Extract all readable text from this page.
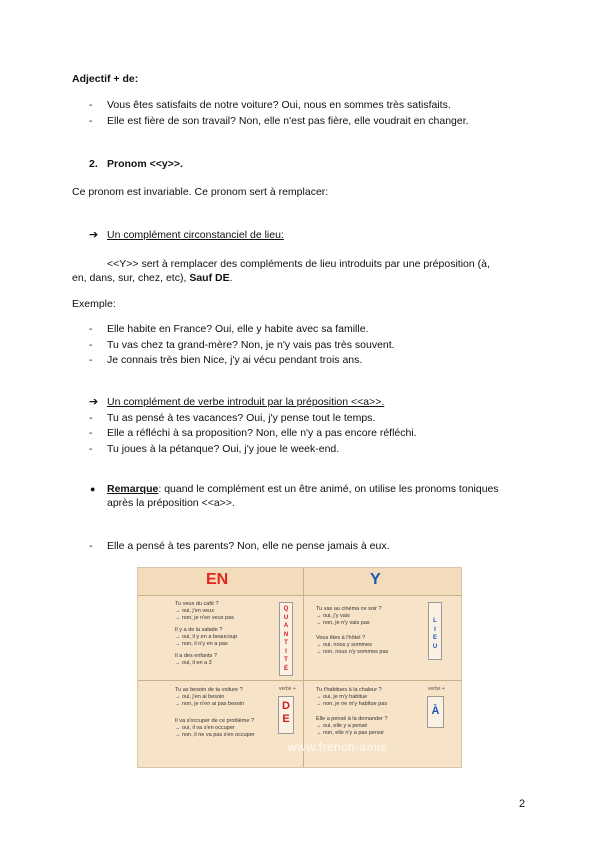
Adjectif + de:
- Vous êtes satisfaits de notre voiture? Oui, nous en sommes très satisfaits.
- Elle est fière de son travail? Non, elle n'est pas fière, elle voudrait en changer.
2. Pronom <<y>>.
Ce pronom est invariable. Ce pronom sert à remplacer:
➔ Un complément circonstanciel de lieu:
<<Y>> sert à remplacer des compléments de lieu introduits par une préposition (à,
en, dans, sur, chez, etc), Sauf DE.
Exemple:
- Elle habite en France? Oui, elle y habite avec sa famille.
- Tu vas chez ta grand-mère? Non, je n'y vais pas très souvent.
- Je connais très bien Nice, j'y ai vécu pendant trois ans.
➔ Un complément de verbe introduit par la préposition <<a>>.
- Tu as pensé à tes vacances? Oui, j'y pense tout le temps.
- Elle a réfléchi à sa proposition? Non, elle n'y a pas encore réfléchi.
- Tu joues à la pétanque? Oui, j'y joue le week-end.
● Remarque: quand le complément est un être animé, on utilise les pronoms toniques
après la préposition <<a>>.
- Elle a pensé à tes parents? Non, elle ne pense jamais à eux.
EN	Y
Tu veux du café ?
→ oui, j'en veux
→ non, je n'en veux pas
Il y a de la salade ?
→ oui, il y en a beaucoup
→ non, il n'y en a pas
Il a des enfants ?
→ oui, il en a 3
Q
U
A
N
T
I
T
É
Tu vas au cinéma ce soir ?
→ oui, j'y vais
→ non, je n'y vais pas
Vous êtes à l'hôtel ?
→ oui, nous y sommes
→ non, nous n'y sommes pas
L
I
E
U
Tu as besoin de ta voiture ?
→ oui, j'en ai besoin
→ non, je n'en ai pas besoin
Il va s'occuper de ce problème ?
→ oui, il va s'en occuper
→ non, il ne va pas s'en occuper
verbe +
D
E
Tu t'habitues à la chaleur ?
→ oui, je m'y habitue
→ non, je ne m'y habitue pas
Elle a pensé à la demander ?
→ oui, elle y a pensé
→ non, elle n'y a pas pensé
verbe +
À
www.french-amis
2
